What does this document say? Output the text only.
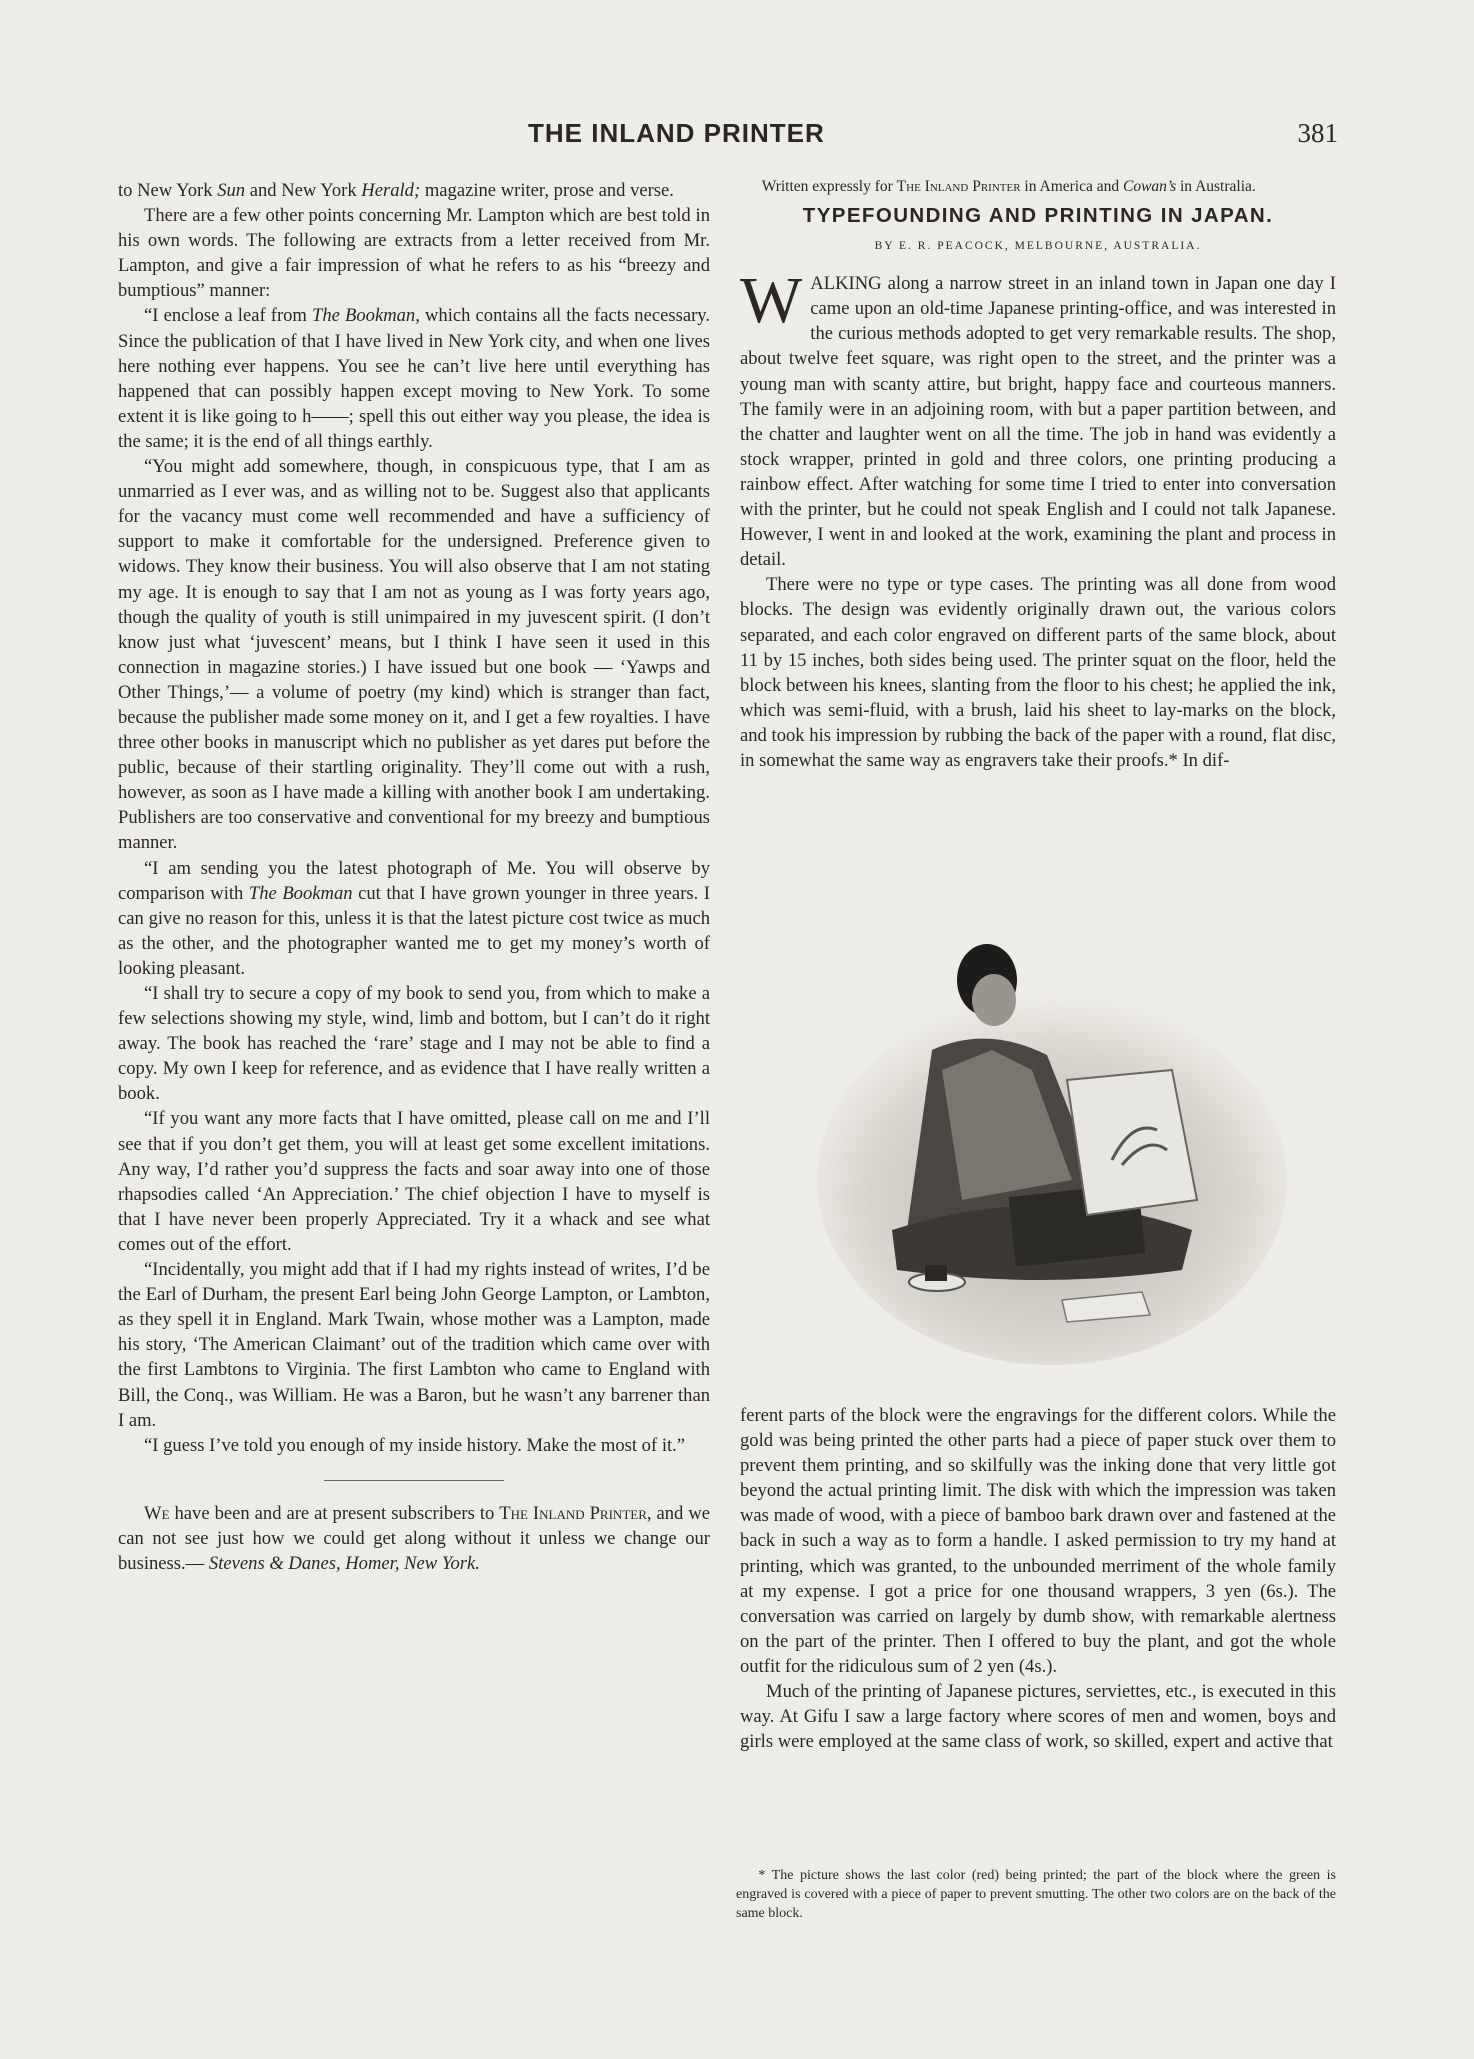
THE INLAND PRINTER	381

to New York Sun and New York Herald; magazine writer, prose and verse.

There are a few other points concerning Mr. Lampton which are best told in his own words. The following are extracts from a letter received from Mr. Lampton, and give a fair impression of what he refers to as his “breezy and bumptious” manner:

“I enclose a leaf from The Bookman, which contains all the facts necessary. Since the publication of that I have lived in New York city, and when one lives here nothing ever happens. You see he can’t live here until everything has happened that can possibly happen except moving to New York. To some extent it is like going to h——; spell this out either way you please, the idea is the same; it is the end of all things earthly.

“You might add somewhere, though, in conspicuous type, that I am as unmarried as I ever was, and as willing not to be. Suggest also that applicants for the vacancy must come well recommended and have a sufficiency of support to make it comfortable for the undersigned. Preference given to widows. They know their business. You will also observe that I am not stating my age. It is enough to say that I am not as young as I was forty years ago, though the quality of youth is still unimpaired in my juvescent spirit. (I don’t know just what ‘juvescent’ means, but I think I have seen it used in this connection in magazine stories.) I have issued but one book — ‘Yawps and Other Things,’— a volume of poetry (my kind) which is stranger than fact, because the publisher made some money on it, and I get a few royalties. I have three other books in manuscript which no publisher as yet dares put before the public, because of their startling originality. They’ll come out with a rush, however, as soon as I have made a killing with another book I am undertaking. Publishers are too conservative and conventional for my breezy and bumptious manner.

“I am sending you the latest photograph of Me. You will observe by comparison with The Bookman cut that I have grown younger in three years. I can give no reason for this, unless it is that the latest picture cost twice as much as the other, and the photographer wanted me to get my money’s worth of looking pleasant.

“I shall try to secure a copy of my book to send you, from which to make a few selections showing my style, wind, limb and bottom, but I can’t do it right away. The book has reached the ‘rare’ stage and I may not be able to find a copy. My own I keep for reference, and as evidence that I have really written a book.

“If you want any more facts that I have omitted, please call on me and I’ll see that if you don’t get them, you will at least get some excellent imitations. Any way, I’d rather you’d suppress the facts and soar away into one of those rhapsodies called ‘An Appreciation.’ The chief objection I have to myself is that I have never been properly Appreciated. Try it a whack and see what comes out of the effort.

“Incidentally, you might add that if I had my rights instead of writes, I’d be the Earl of Durham, the present Earl being John George Lampton, or Lambton, as they spell it in England. Mark Twain, whose mother was a Lampton, made his story, ‘The American Claimant’ out of the tradition which came over with the first Lambtons to Virginia. The first Lambton who came to England with Bill, the Conq., was William. He was a Baron, but he wasn’t any barrener than I am.

“I guess I’ve told you enough of my inside history. Make the most of it.”

We have been and are at present subscribers to The Inland Printer, and we can not see just how we could get along without it unless we change our business.— Stevens & Danes, Homer, New York.

Written expressly for The Inland Printer in America and Cowan’s in Australia.

TYPEFOUNDING AND PRINTING IN JAPAN.
BY E. R. PEACOCK, MELBOURNE, AUSTRALIA.

WALKING along a narrow street in an inland town in Japan one day I came upon an old-time Japanese printing-office, and was interested in the curious methods adopted to get very remarkable results. The shop, about twelve feet square, was right open to the street, and the printer was a young man with scanty attire, but bright, happy face and courteous manners. The family were in an adjoining room, with but a paper partition between, and the chatter and laughter went on all the time. The job in hand was evidently a stock wrapper, printed in gold and three colors, one printing producing a rainbow effect. After watching for some time I tried to enter into conversation with the printer, but he could not speak English and I could not talk Japanese. However, I went in and looked at the work, examining the plant and process in detail.

There were no type or type cases. The printing was all done from wood blocks. The design was evidently originally drawn out, the various colors separated, and each color engraved on different parts of the same block, about 11 by 15 inches, both sides being used. The printer squat on the floor, held the block between his knees, slanting from the floor to his chest; he applied the ink, which was semi-fluid, with a brush, laid his sheet to lay-marks on the block, and took his impression by rubbing the back of the paper with a round, flat disc, in somewhat the same way as engravers take their proofs.* In dif-

ferent parts of the block were the engravings for the different colors. While the gold was being printed the other parts had a piece of paper stuck over them to prevent them printing, and so skilfully was the inking done that very little got beyond the actual printing limit. The disk with which the impression was taken was made of wood, with a piece of bamboo bark drawn over and fastened at the back in such a way as to form a handle. I asked permission to try my hand at printing, which was granted, to the unbounded merriment of the whole family at my expense. I got a price for one thousand wrappers, 3 yen (6s.). The conversation was carried on largely by dumb show, with remarkable alertness on the part of the printer. Then I offered to buy the plant, and got the whole outfit for the ridiculous sum of 2 yen (4s.).

Much of the printing of Japanese pictures, serviettes, etc., is executed in this way. At Gifu I saw a large factory where scores of men and women, boys and girls were employed at the same class of work, so skilled, expert and active that

* The picture shows the last color (red) being printed; the part of the block where the green is engraved is covered with a piece of paper to prevent smutting. The other two colors are on the back of the same block.
